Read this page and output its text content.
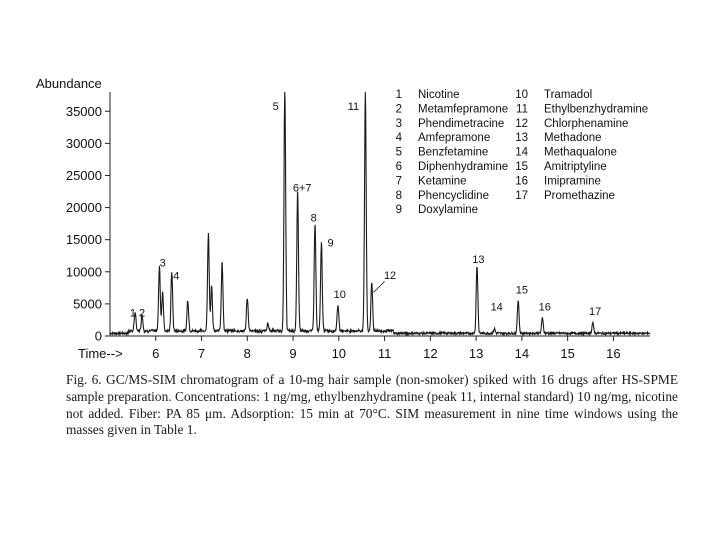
Abundance
Time-->
0
5000
10000
15000
20000
25000
30000
35000
6	7	8	9	10 11 12 13 14 15 16
1 2
3
4
5
6+7
8
9
10
11
12
13
14
15
16	17
1 Nicotine
2 Metamfepramone
3 Phendimetracine
4 Amfepramone
5 Benzfetamine
6 Diphenhydramine
7 Ketamine
8 Phencyclidine
9 Doxylamine
10 Tramadol
11 Ethylbenzhydramine
12 Chlorphenamine
13 Methadone
14 Methaqualone
15 Amitriptyline
16 Imipramine
17 Promethazine

Fig. 6. GC/MS-SIM chromatogram of a 10-mg hair sample (non-smoker) spiked with 16 drugs after HS-SPME sample preparation. Concentrations: 1 ng/mg, ethylbenzhydramine (peak 11, internal standard) 10 ng/mg, nicotine not added. Fiber: PA 85 μm. Adsorption: 15 min at 70°C. SIM measurement in nine time windows using the masses given in Table 1.
